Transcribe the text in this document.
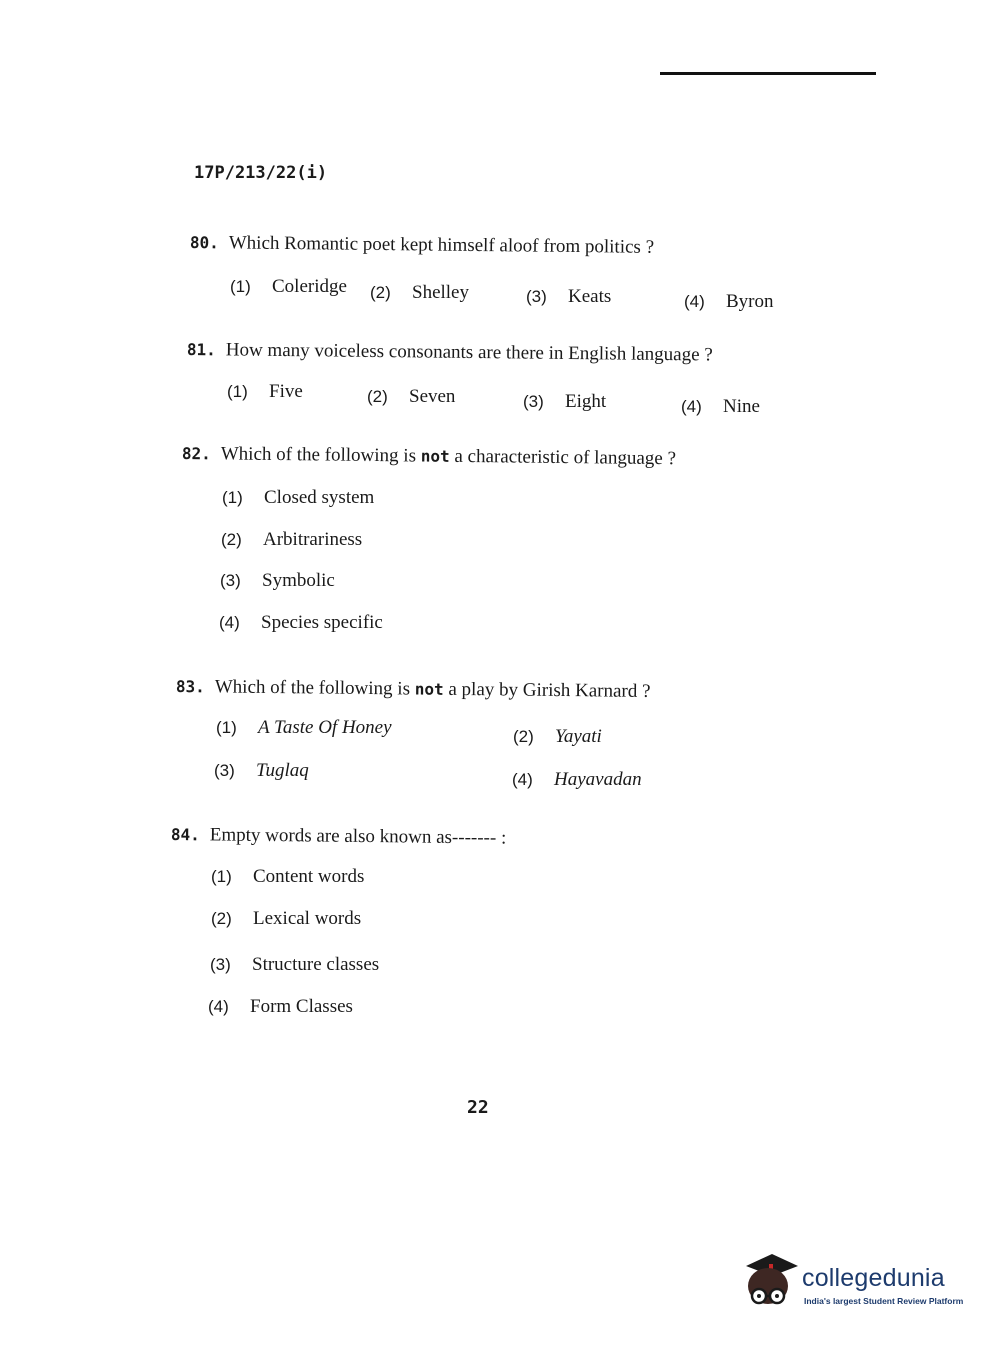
17P/213/22(i)
80. Which Romantic poet kept himself aloof from politics ?
(1) Coleridge (2) Shelley	(3) Keats	(4) Byron
81. How many voiceless consonants are there in English language ?
(1) Five	(2) Seven	(3) Eight	(4) Nine
82. Which of the following is not a characteristic of language ?
(1) Closed system
(2) Arbitrariness
(3) Symbolic
(4) Species specific
83. Which of the following is not a play by Girish Karnard ?
(1) A Taste Of Honey	(2) Yayati
(3) Tuglaq	(4) Hayavadan
84. Empty words are also known as------- :
(1) Content words
(2) Lexical words
(3) Structure classes
(4) Form Classes
22
collegedunia
India's largest Student Review Platform
